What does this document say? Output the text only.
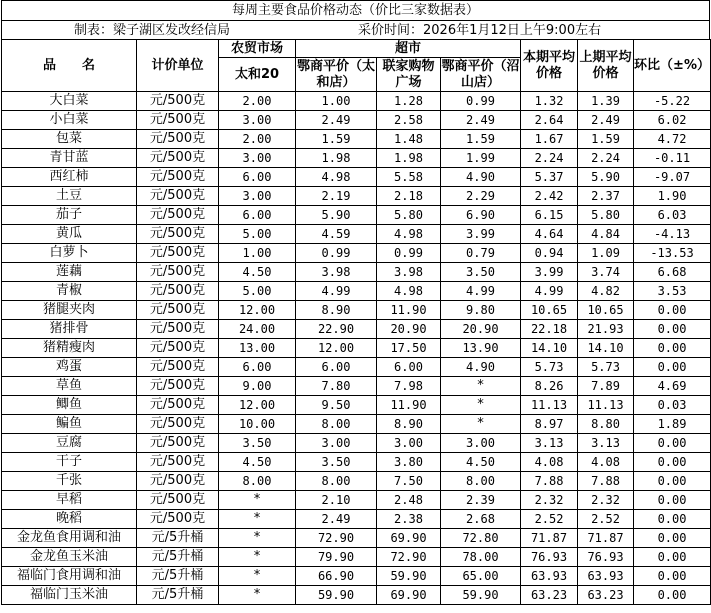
每周主要食品价格动态（价比三家数据表）
制表：梁子湖区发改经信局	采价时间：2026年1月12日上午9:00左右
品　　名	计价单位	农贸市场	超市			本期平均价格	上期平均价格	环比（±%）
		太和20	鄂商平价（太和店）	联家购物广场	鄂商平价（沼山店）			

大白菜	元/500克	2.00	1.00	1.28	0.99	1.32	1.39	-5.22
小白菜	元/500克	3.00	2.49	2.58	2.49	2.64	2.49	6.02
包菜	元/500克	2.00	1.59	1.48	1.59	1.67	1.59	4.72
青甘蓝	元/500克	3.00	1.98	1.98	1.99	2.24	2.24	-0.11
西红柿	元/500克	6.00	4.98	5.58	4.90	5.37	5.90	-9.07
土豆	元/500克	3.00	2.19	2.18	2.29	2.42	2.37	1.90
茄子	元/500克	6.00	5.90	5.80	6.90	6.15	5.80	6.03
黄瓜	元/500克	5.00	4.59	4.98	3.99	4.64	4.84	-4.13
白萝卜	元/500克	1.00	0.99	0.99	0.79	0.94	1.09	-13.53
莲藕	元/500克	4.50	3.98	3.98	3.50	3.99	3.74	6.68
青椒	元/500克	5.00	4.99	4.98	4.99	4.99	4.82	3.53
猪腿夹肉	元/500克	12.00	8.90	11.90	9.80	10.65	10.65	0.00
猪排骨	元/500克	24.00	22.90	20.90	20.90	22.18	21.93	0.00
猪精瘦肉	元/500克	13.00	12.00	17.50	13.90	14.10	14.10	0.00
鸡蛋	元/500克	6.00	6.00	6.00	4.90	5.73	5.73	0.00
草鱼	元/500克	9.00	7.80	7.98	*	8.26	7.89	4.69
鲫鱼	元/500克	12.00	9.50	11.90	*	11.13	11.13	0.03
鳊鱼	元/500克	10.00	8.00	8.90	*	8.97	8.80	1.89
豆腐	元/500克	3.50	3.00	3.00	3.00	3.13	3.13	0.00
干子	元/500克	4.50	3.50	3.80	4.50	4.08	4.08	0.00
千张	元/500克	8.00	8.00	7.50	8.00	7.88	7.88	0.00
早稻	元/500克	*	2.10	2.48	2.39	2.32	2.32	0.00
晚稻	元/500克	*	2.49	2.38	2.68	2.52	2.52	0.00
金龙鱼食用调和油	元/5升桶	*	72.90	69.90	72.80	71.87	71.87	0.00
金龙鱼玉米油	元/5升桶	*	79.90	72.90	78.00	76.93	76.93	0.00
福临门食用调和油	元/5升桶	*	66.90	59.90	65.00	63.93	63.93	0.00
福临门玉米油	元/5升桶	*	59.90	69.90	59.90	63.23	63.23	0.00
